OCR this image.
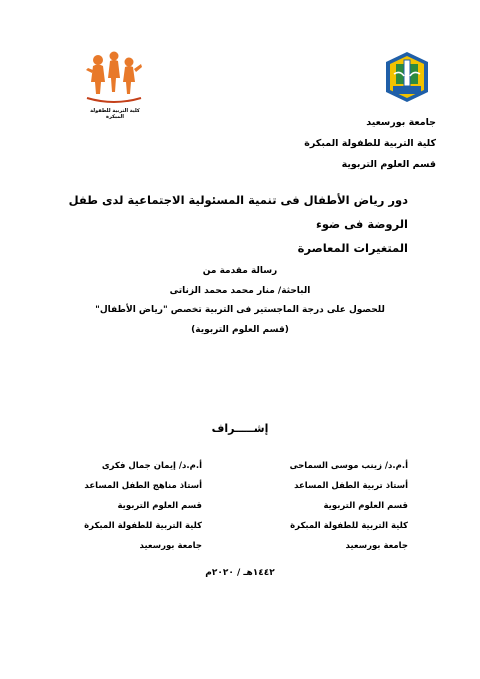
كلية التربية للطفولة المبكرة	جامعة بورسعيد
كلية التربية للطفولة المبكرة
قسم العلوم التربوية
دور رياض الأطفال فى تنمية المسئولية الاجتماعية لدى طفل الروضة فى ضوء
المتغيرات المعاصرة
رسالة مقدمة من
الباحثة/ منار محمد محمد الزناتى
للحصول على درجة الماجستير فى التربية تخصص "رياض الأطفال"
(قسم العلوم التربوية)
إشـــــراف
أ.م.د/ زينب موسى السماحى
أستاذ تربية الطفل المساعد
قسم العلوم التربوية
كلية التربية للطفولة المبكرة
جامعة بورسعيد
أ.م.د/ إيمان جمال فكرى
أستاذ مناهج الطفل المساعد
قسم العلوم التربوية
كلية التربية للطفولة المبكرة
جامعة بورسعيد
١٤٤٢هـ / ٢٠٢٠م
